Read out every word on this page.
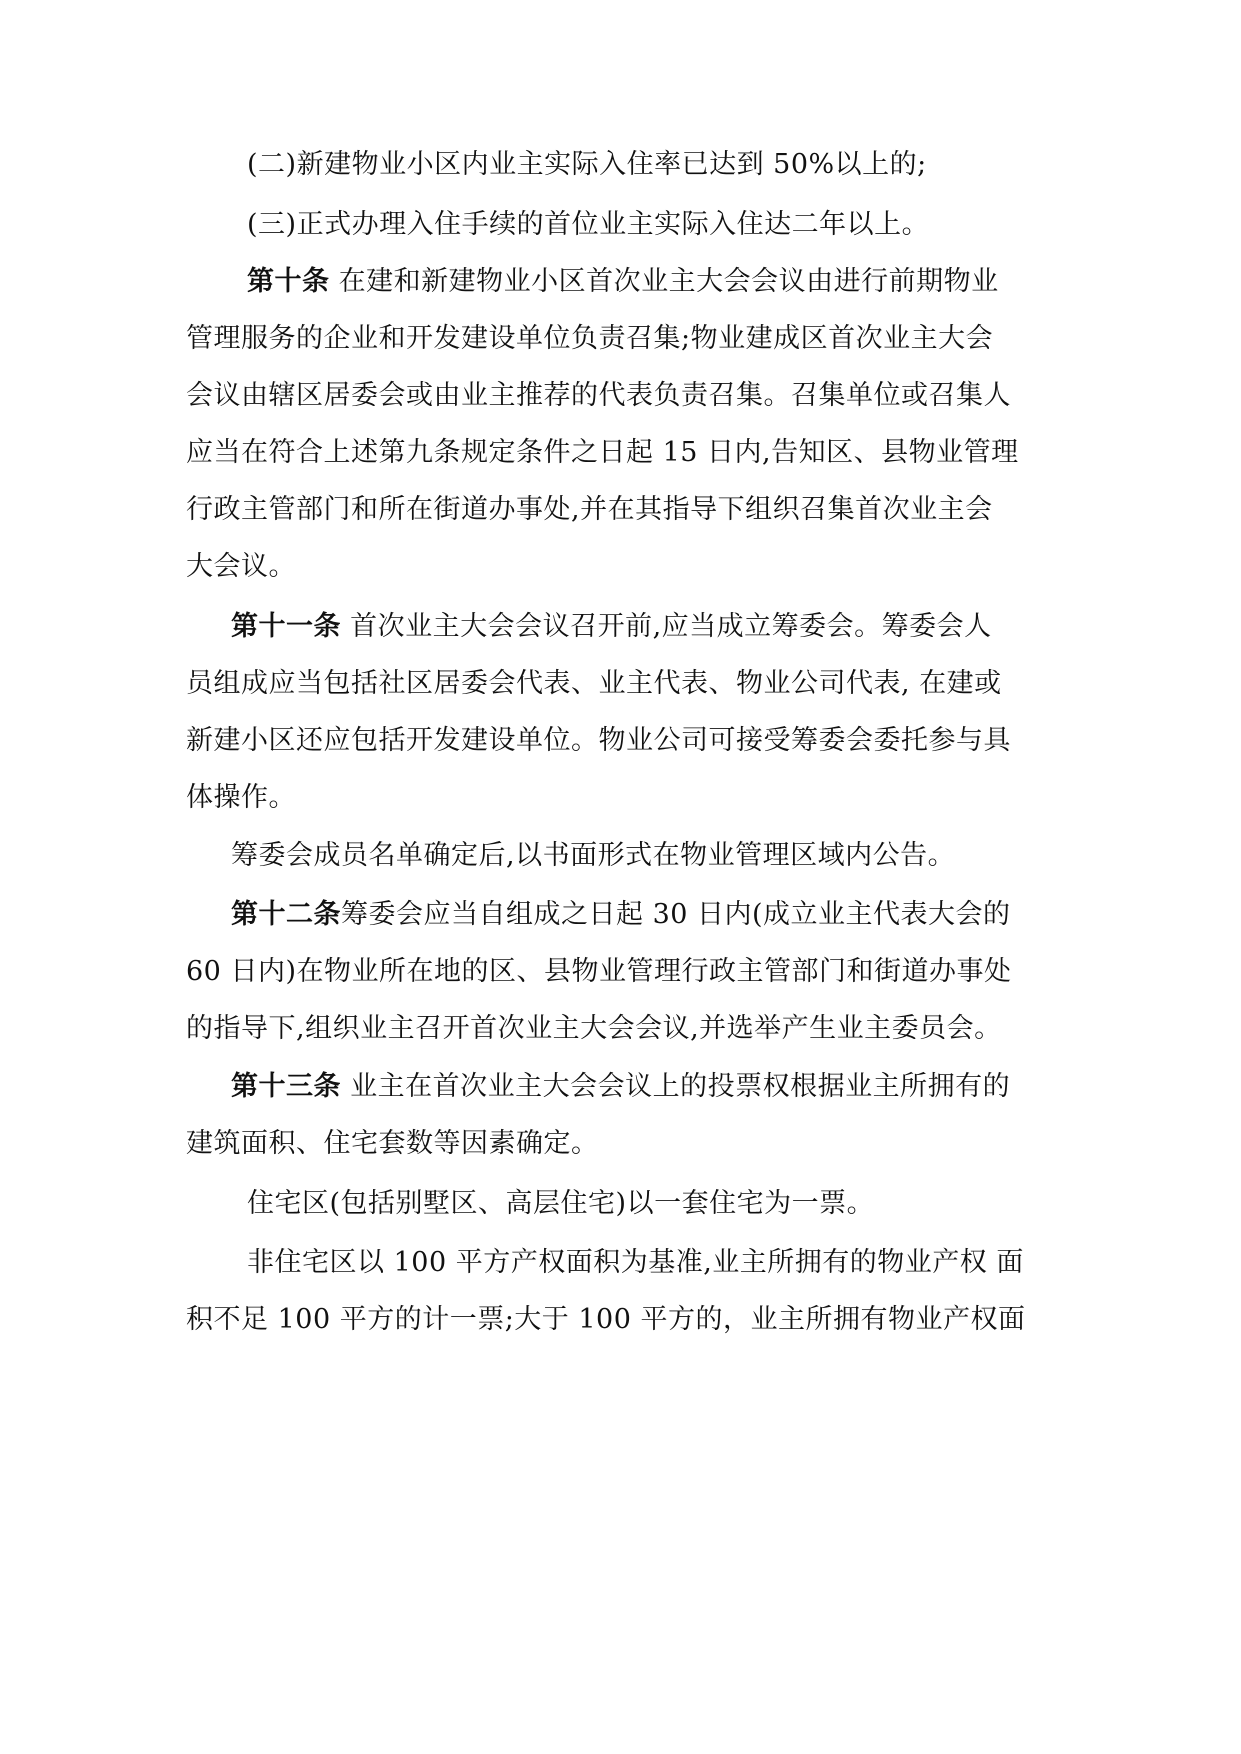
(二)新建物业小区内业主实际入住率已达到 50%以上的;
(三)正式办理入住手续的首位业主实际入住达二年以上。
第十条 在建和新建物业小区首次业主大会会议由进行前期物业
管理服务的企业和开发建设单位负责召集;物业建成区首次业主大会
会议由辖区居委会或由业主推荐的代表负责召集。召集单位或召集人
应当在符合上述第九条规定条件之日起 15 日内,告知区、县物业管理
行政主管部门和所在街道办事处,并在其指导下组织召集首次业主会
大会议。
第十一条 首次业主大会会议召开前,应当成立筹委会。筹委会人
员组成应当包括社区居委会代表、业主代表、物业公司代表, 在建或
新建小区还应包括开发建设单位。物业公司可接受筹委会委托参与具
体操作。
筹委会成员名单确定后,以书面形式在物业管理区域内公告。
第十二条筹委会应当自组成之日起 30 日内(成立业主代表大会的
60 日内)在物业所在地的区、县物业管理行政主管部门和街道办事处
的指导下,组织业主召开首次业主大会会议,并选举产生业主委员会。
第十三条 业主在首次业主大会会议上的投票权根据业主所拥有的
建筑面积、住宅套数等因素确定。
住宅区(包括别墅区、高层住宅)以一套住宅为一票。
非住宅区以 100 平方产权面积为基准,业主所拥有的物业产权 面
积不足 100 平方的计一票;大于 100 平方的，业主所拥有物业产权面
